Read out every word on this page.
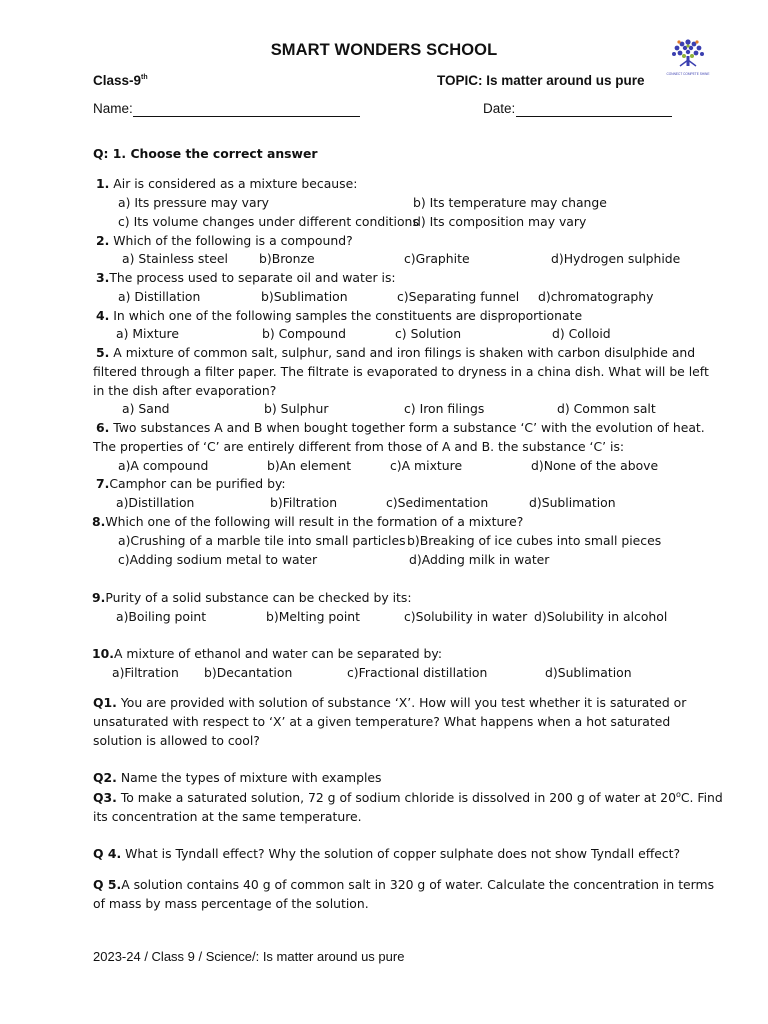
SMART WONDERS SCHOOL
CONNECT COMPETE SHINE
Class-9th	TOPIC: Is matter around us pure
Name:	Date:
Q: 1. Choose the correct answer
1. Air is considered as a mixture because:
a) Its pressure may vary	b) Its temperature may change
c) Its volume changes under different conditions
d) Its composition may vary
2. Which of the following is a compound?
a) Stainless steel	b)Bronze	c)Graphite	d)Hydrogen sulphide
3.The process used to separate oil and water is:
a) Distillation	b)Sublimation	c)Separating funnel d)chromatography
4. In which one of the following samples the constituents are disproportionate
a) Mixture	b) Compound	c) Solution	d) Colloid
5. A mixture of common salt, sulphur, sand and iron filings is shaken with carbon disulphide and
filtered through a filter paper. The filtrate is evaporated to dryness in a china dish. What will be left
in the dish after evaporation?
a) Sand	b) Sulphur	c) Iron filings	d) Common salt
6. Two substances A and B when bought together form a substance ‘C’ with the evolution of heat.
The properties of ‘C’ are entirely different from those of A and B. the substance ‘C’ is:
a)A compound	b)An element	c)A mixture	d)None of the above
7.Camphor can be purified by:
a)Distillation	b)Filtration	c)Sedimentation	d)Sublimation
8.Which one of the following will result in the formation of a mixture?
a)Crushing of a marble tile into small particles b)Breaking of ice cubes into small pieces
c)Adding sodium metal to water	d)Adding milk in water
9.Purity of a solid substance can be checked by its:
a)Boiling point	b)Melting point	c)Solubility in water d)Solubility in alcohol
10.A mixture of ethanol and water can be separated by:
a)Filtration b)Decantation	c)Fractional distillation	d)Sublimation
Q1. You are provided with solution of substance ‘X’. How will you test whether it is saturated or
unsaturated with respect to ‘X’ at a given temperature? What happens when a hot saturated
solution is allowed to cool?
Q2. Name the types of mixture with examples
Q3. To make a saturated solution, 72 g of sodium chloride is dissolved in 200 g of water at 20$^o$C. Find
its concentration at the same temperature.
Q 4. What is Tyndall effect? Why the solution of copper sulphate does not show Tyndall effect?
Q 5.A solution contains 40 g of common salt in 320 g of water. Calculate the concentration in terms
of mass by mass percentage of the solution.
2023-24 / Class 9 / Science/: Is matter around us pure
